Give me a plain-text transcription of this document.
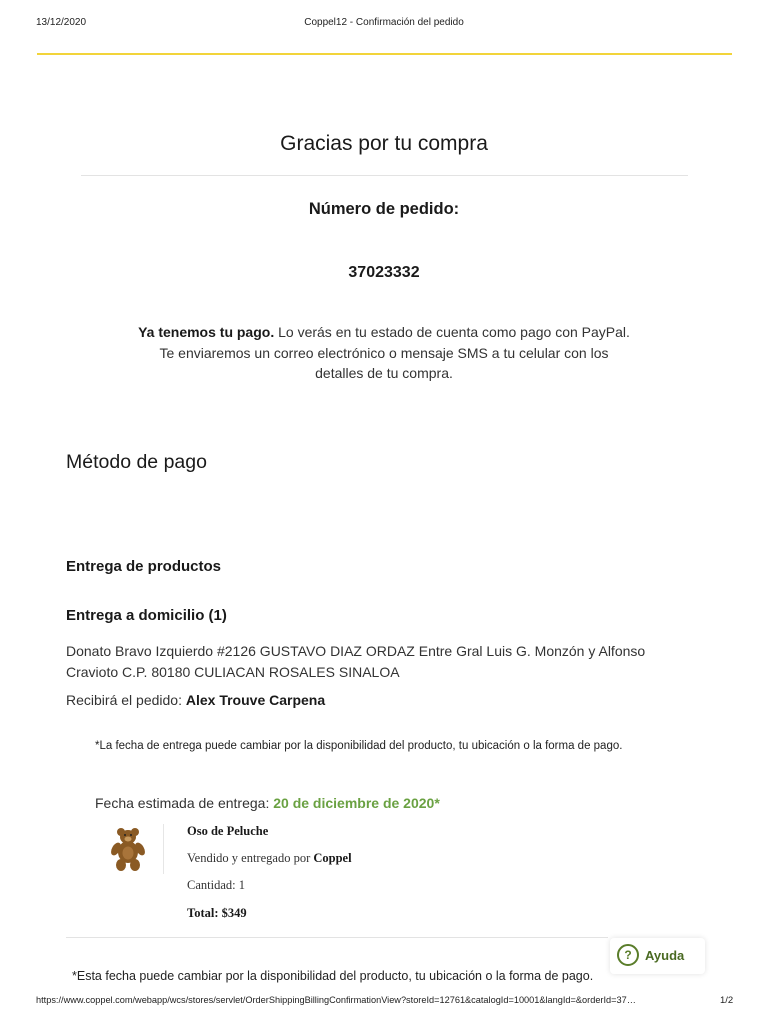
13/12/2020	Coppel12 - Confirmación del pedido
Gracias por tu compra
Número de pedido:
37023332
Ya tenemos tu pago. Lo verás en tu estado de cuenta como pago con PayPal. Te enviaremos un correo electrónico o mensaje SMS a tu celular con los detalles de tu compra.
Método de pago
Entrega de productos
Entrega a domicilio (1)
Donato Bravo Izquierdo #2126 GUSTAVO DIAZ ORDAZ Entre Gral Luis G. Monzón y Alfonso Cravioto C.P. 80180 CULIACAN ROSALES SINALOA
Recibirá el pedido: Alex Trouve Carpena
*La fecha de entrega puede cambiar por la disponibilidad del producto, tu ubicación o la forma de pago.
Fecha estimada de entrega: 20 de diciembre de 2020*
Oso de Peluche
Vendido y entregado por Coppel
Cantidad: 1
Total: $349
?	Ayuda
*Esta fecha puede cambiar por la disponibilidad del producto, tu ubicación o la forma de pago.
https://www.coppel.com/webapp/wcs/stores/servlet/OrderShippingBillingConfirmationView?storeId=12761&catalogId=10001&langId=&orderId=37…	1/2
